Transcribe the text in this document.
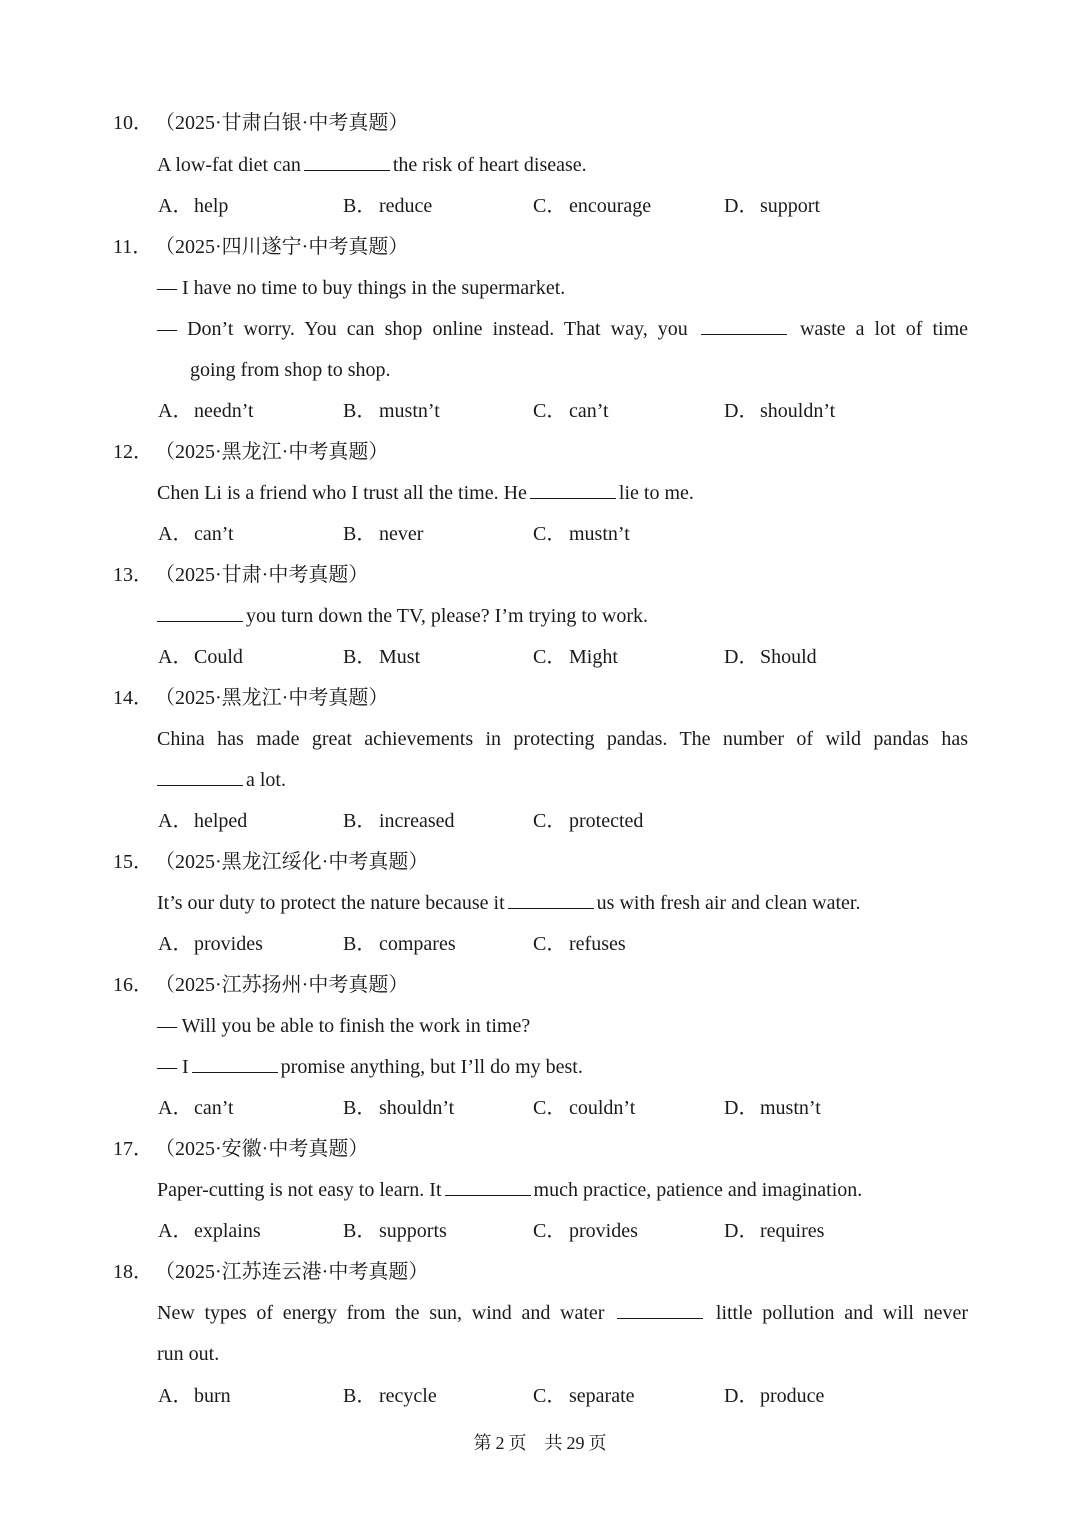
10． （2025·甘肃白银·中考真题）
A low-fat diet can	the risk of heart disease.
A．help	B． reduce	C． encourage	D．support
11． （2025·四川遂宁·中考真题）
— I have no time to buy things in the supermarket.
— Don’t worry. You can shop online instead. That way, you	waste a lot of time
going from shop to shop.
A．needn’t	B． mustn’t	C． can’t	D．shouldn’t
12． （2025·黑龙江·中考真题）
Chen Li is a friend who I trust all the time. He	lie to me.
A．can’t	B． never	C． mustn’t
13． （2025·甘肃·中考真题）
you turn down the TV, please? I’m trying to work.
A．Could	B． Must	C． Might	D．Should
14． （2025·黑龙江·中考真题）
China has made great achievements in protecting pandas. The number of wild pandas has
a lot.
A．helped	B． increased	C． protected
15． （2025·黑龙江绥化·中考真题）
It’s our duty to protect the nature because it	us with fresh air and clean water.
A．provides	B． compares	C． refuses
16． （2025·江苏扬州·中考真题）
— Will you be able to finish the work in time?
— I	promise anything, but I’ll do my best.
A．can’t	B． shouldn’t	C． couldn’t	D．mustn’t
17． （2025·安徽·中考真题）
Paper-cutting is not easy to learn. It	much practice, patience and imagination.
A．explains	B． supports	C． provides	D．requires
18． （2025·江苏连云港·中考真题）
New types of energy from the sun, wind and water	little pollution and will never
run out.
A．burn	B． recycle	C． separate	D．produce
第 2 页　共 29 页
